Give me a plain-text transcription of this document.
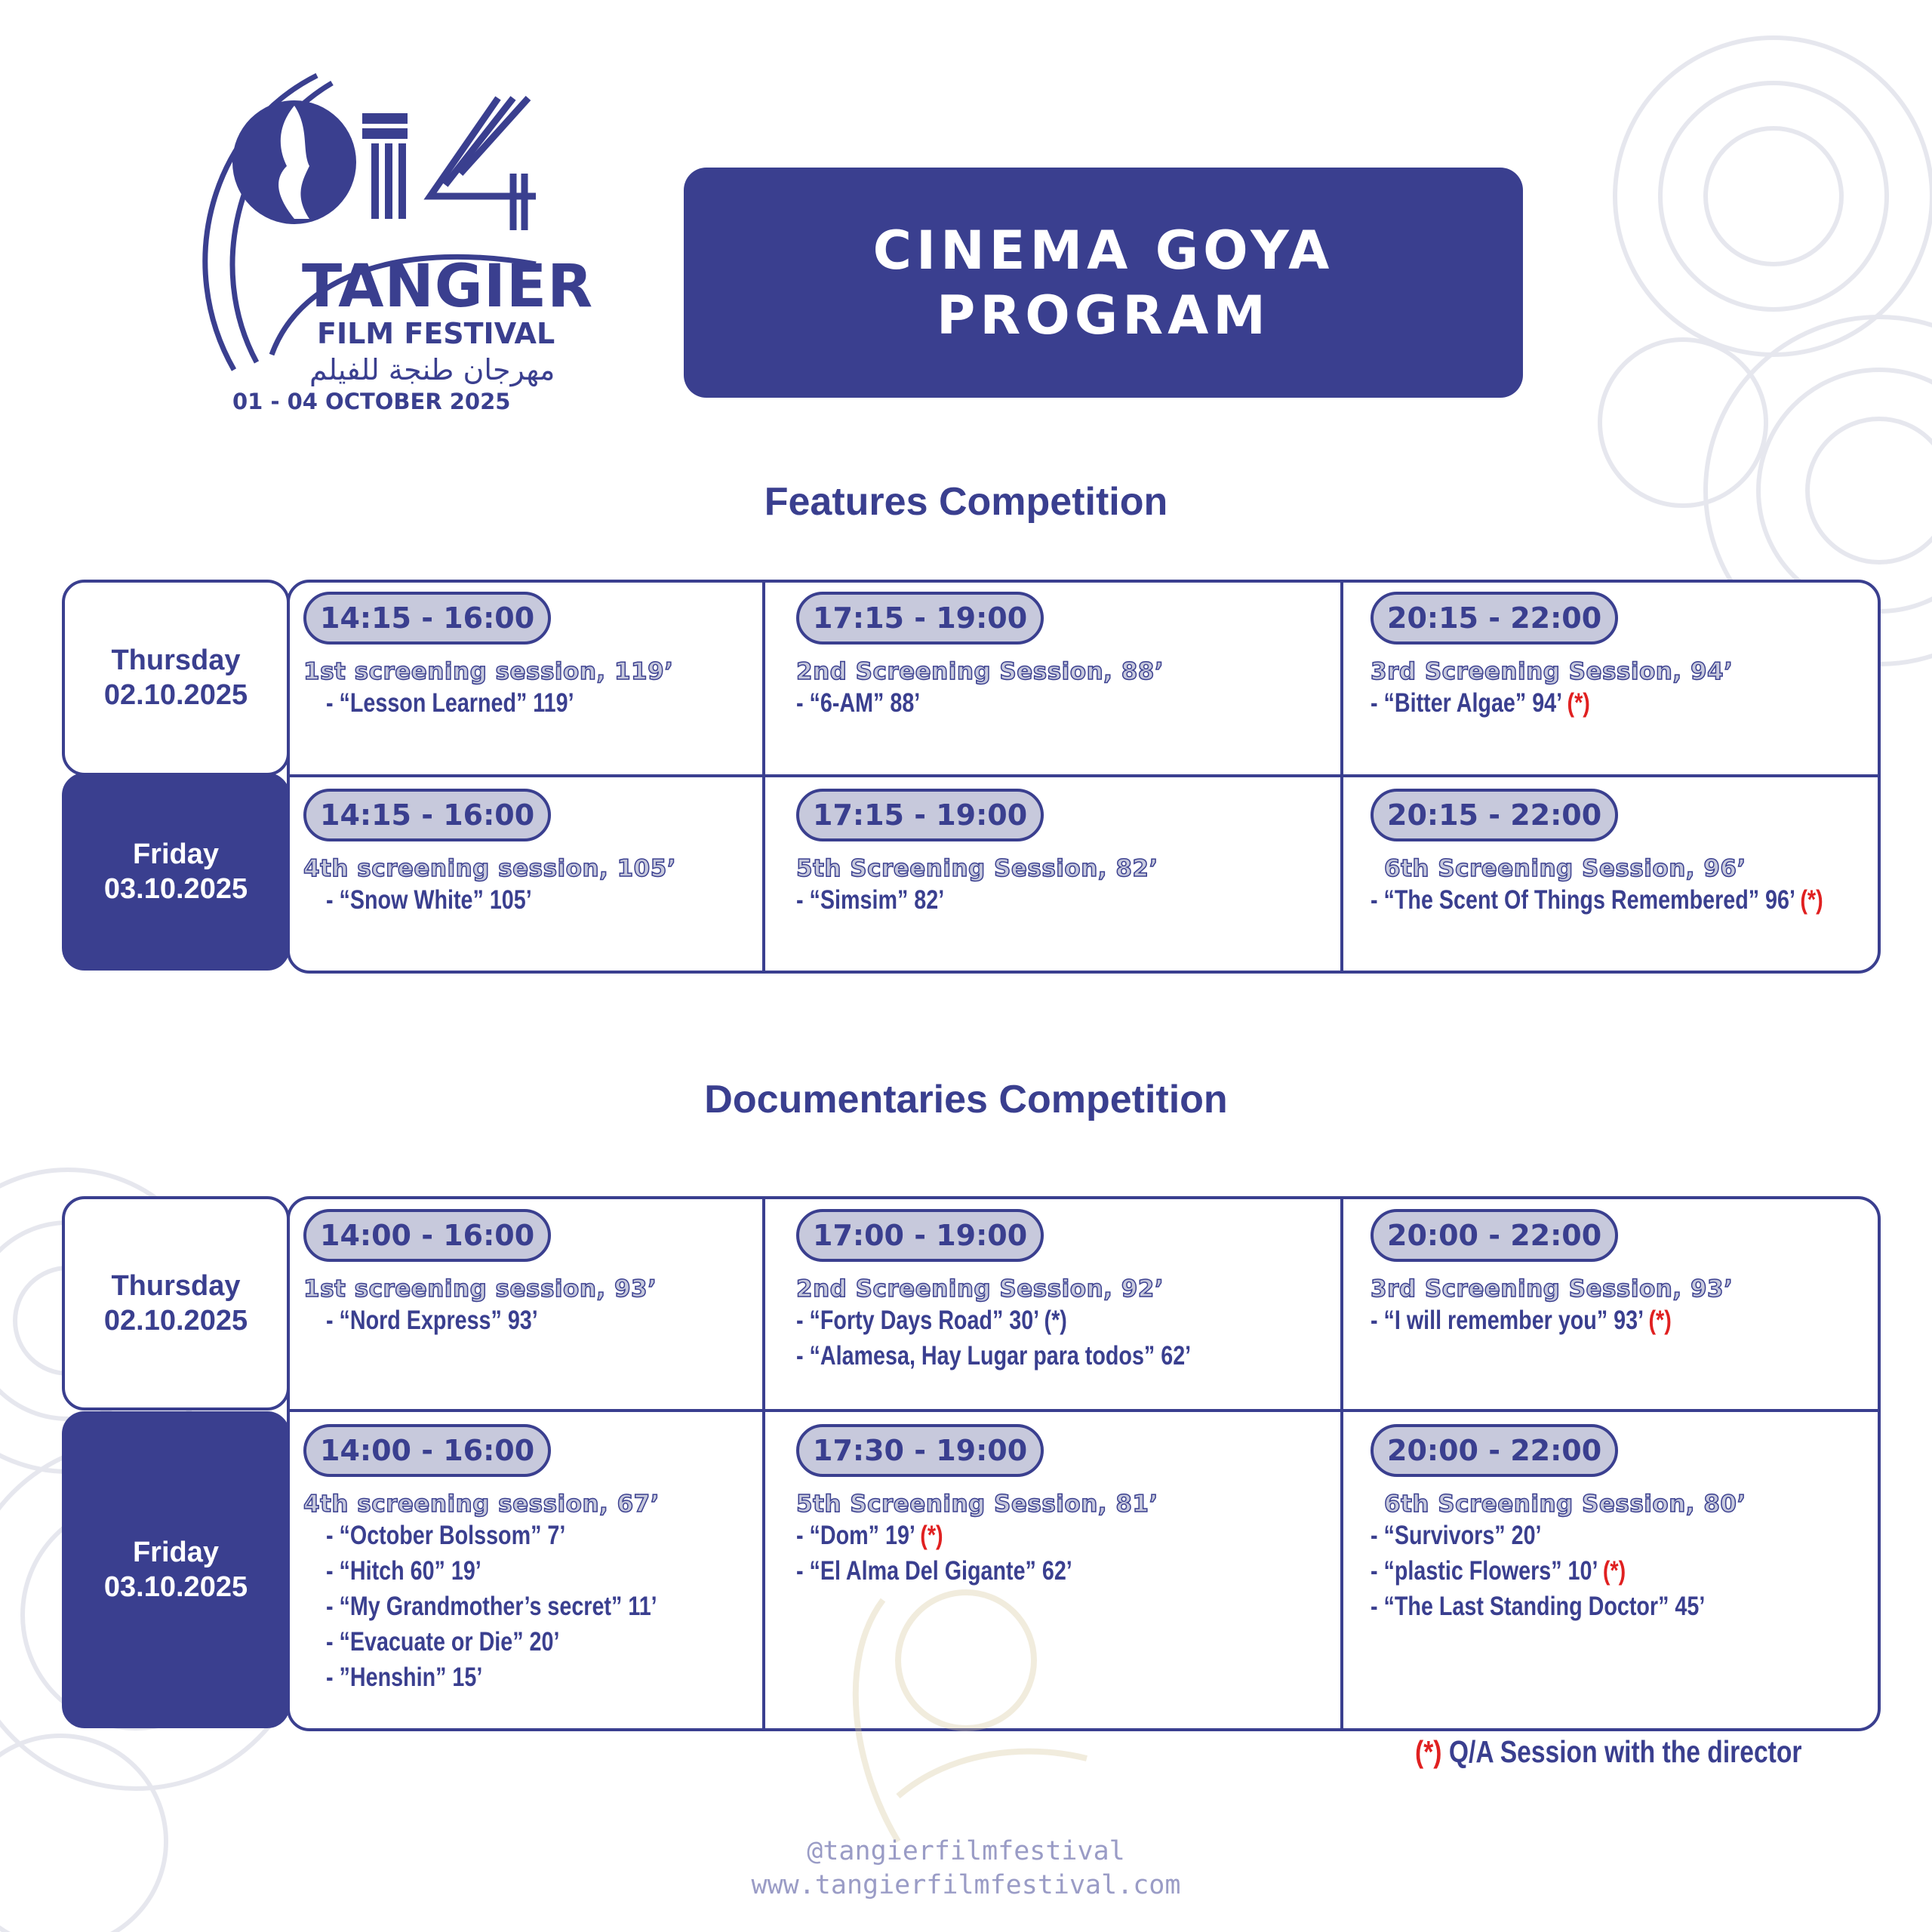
TANGIER
FILM FESTIVAL
مهرجان طنجة للفيلم
01 - 04 OCTOBER 2025
CINEMA GOYA
PROGRAM
Features Competition
Thursday
02.10.2025
Friday
03.10.2025
14:15 - 16:00
1st screening session, 119’
- “Lesson Learned” 119’
17:15 - 19:00
2nd Screening Session, 88’
- “6-AM” 88’
20:15 - 22:00
3rd Screening Session, 94’
- “Bitter Algae” 94’ (*)
14:15 - 16:00
4th screening session, 105’
- “Snow White” 105’
17:15 - 19:00
5th Screening Session, 82’
- “Simsim” 82’
20:15 - 22:00
6th Screening Session, 96’
- “The Scent Of Things Remembered” 96’ (*)
Documentaries Competition
Thursday
02.10.2025
Friday
03.10.2025
14:00 - 16:00
1st screening session, 93’
- “Nord Express” 93’
17:00 - 19:00
2nd Screening Session, 92’
- “Forty Days Road” 30’ (*)
- “Alamesa, Hay Lugar para todos” 62’
20:00 - 22:00
3rd Screening Session, 93’
- “I will remember you” 93’ (*)
14:00 - 16:00
4th screening session, 67’
- “October Bolssom” 7’
- “Hitch 60” 19’
- “My Grandmother’s secret” 11’
- “Evacuate or Die” 20’
- ”Henshin” 15’
17:30 - 19:00
5th Screening Session, 81’
- “Dom” 19’ (*)
- “El Alma Del Gigante” 62’
20:00 - 22:00
6th Screening Session, 80’
- “Survivors” 20’
- “plastic Flowers” 10’ (*)
- “The Last Standing Doctor” 45’
(*) Q/A Session with the director
@tangierfilmfestival
www.tangierfilmfestival.com
